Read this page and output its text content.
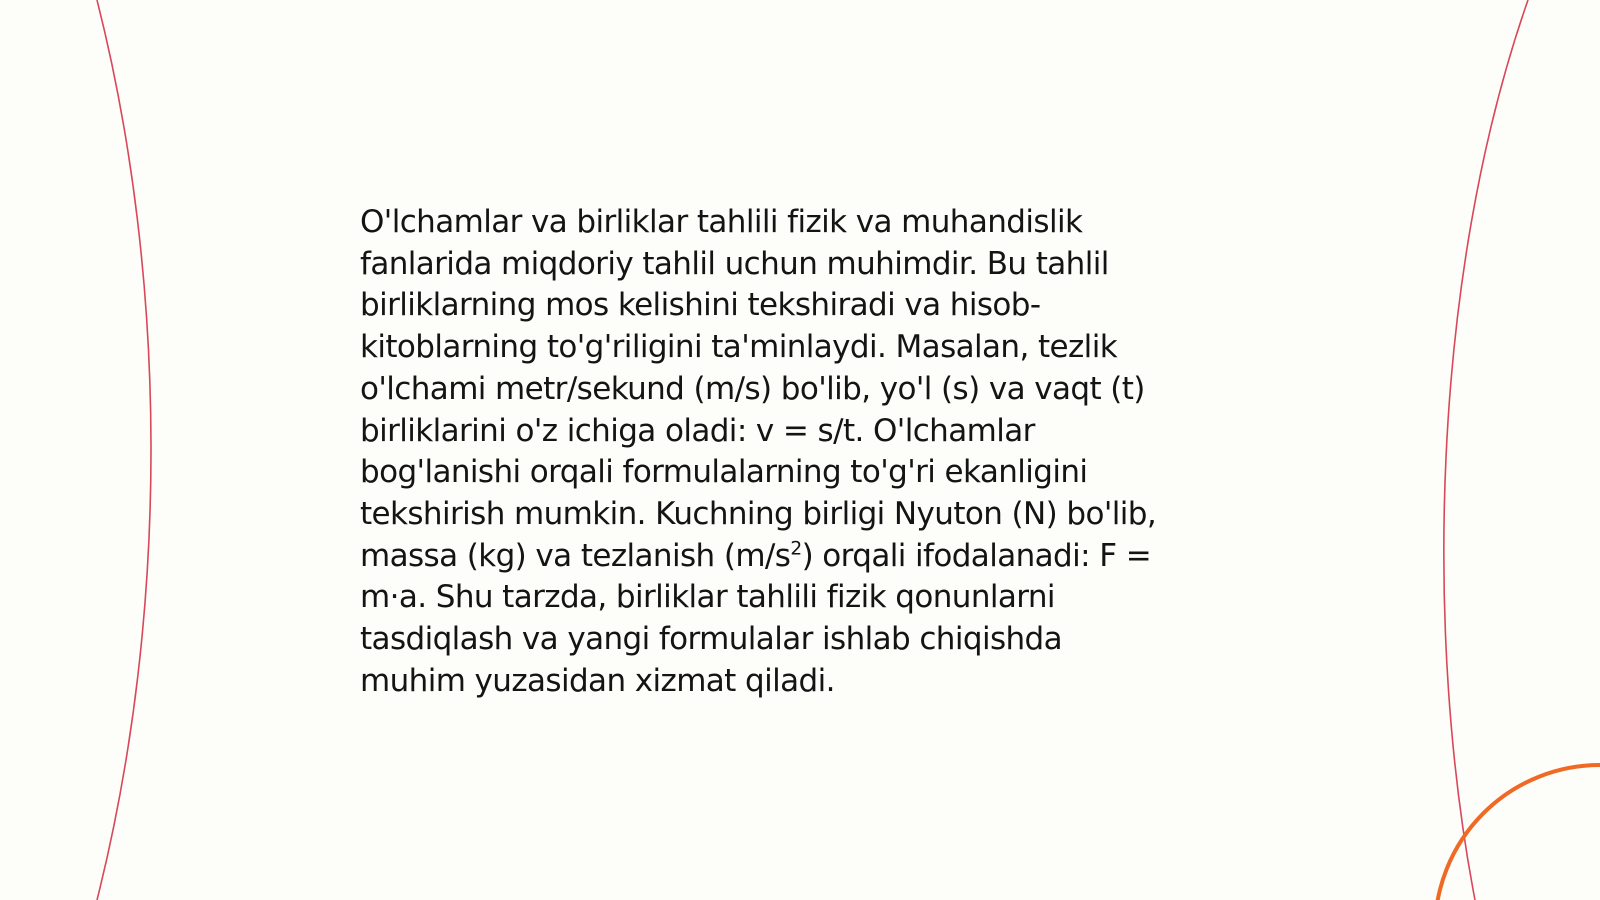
O'lchamlar va birliklar tahlili fizik va muhandislik
fanlarida miqdoriy tahlil uchun muhimdir. Bu tahlil
birliklarning mos kelishini tekshiradi va hisob-
kitoblarning to'g'riligini ta'minlaydi. Masalan, tezlik
o'lchami metr/sekund (m/s) bo'lib, yo'l (s) va vaqt (t)
birliklarini o'z ichiga oladi: v = s/t. O'lchamlar
bog'lanishi orqali formulalarning to'g'ri ekanligini
tekshirish mumkin. Kuchning birligi Nyuton (N) bo'lib,
massa (kg) va tezlanish $(m/s^2)$ orqali ifodalanadi: F =
m·a. Shu tarzda, birliklar tahlili fizik qonunlarni
tasdiqlash va yangi formulalar ishlab chiqishda
muhim yuzasidan xizmat qiladi.
